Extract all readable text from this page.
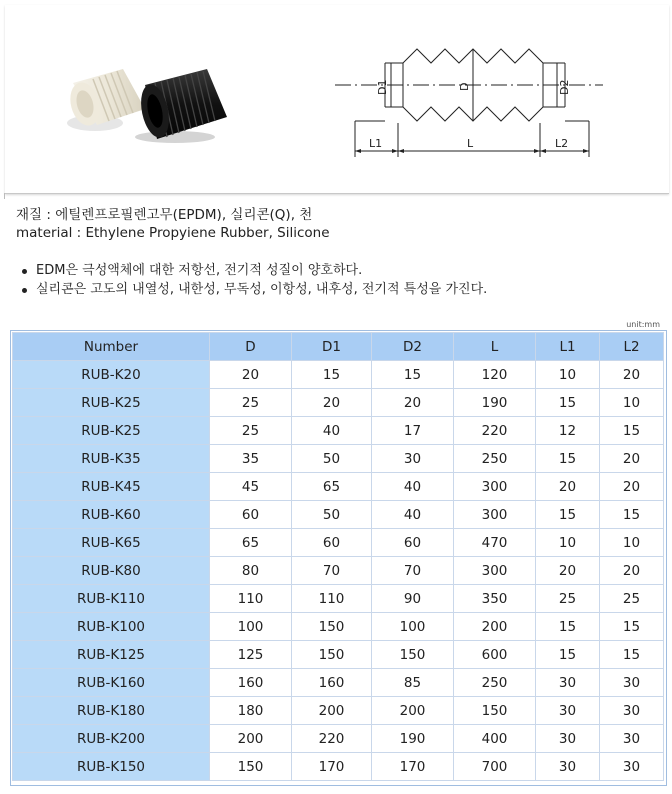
D1	D	D2
L1	L	L2
재질 : 에틸렌프로필렌고무(EPDM), 실리콘(Q), 천
material : Ethylene Propyiene Rubber, Silicone
EDM은 극성액체에 대한 저항선, 전기적 성질이 양호하다.
실리콘은 고도의 내열성, 내한성, 무독성, 이항성, 내후성, 전기적 특성을 가진다.
unit:mm
Number	D	D1	D2	L	L1	L2
RUB-K20	20	15	15	120	10	20
RUB-K25	25	20	20	190	15	10
RUB-K25	25	40	17	220	12	15
RUB-K35	35	50	30	250	15	20
RUB-K45	45	65	40	300	20	20
RUB-K60	60	50	40	300	15	15
RUB-K65	65	60	60	470	10	10
RUB-K80	80	70	70	300	20	20
RUB-K110	110	110	90	350	25	25
RUB-K100	100	150	100	200	15	15
RUB-K125	125	150	150	600	15	15
RUB-K160	160	160	85	250	30	30
RUB-K180	180	200	200	150	30	30
RUB-K200	200	220	190	400	30	30
RUB-K150	150	170	170	700	30	30
